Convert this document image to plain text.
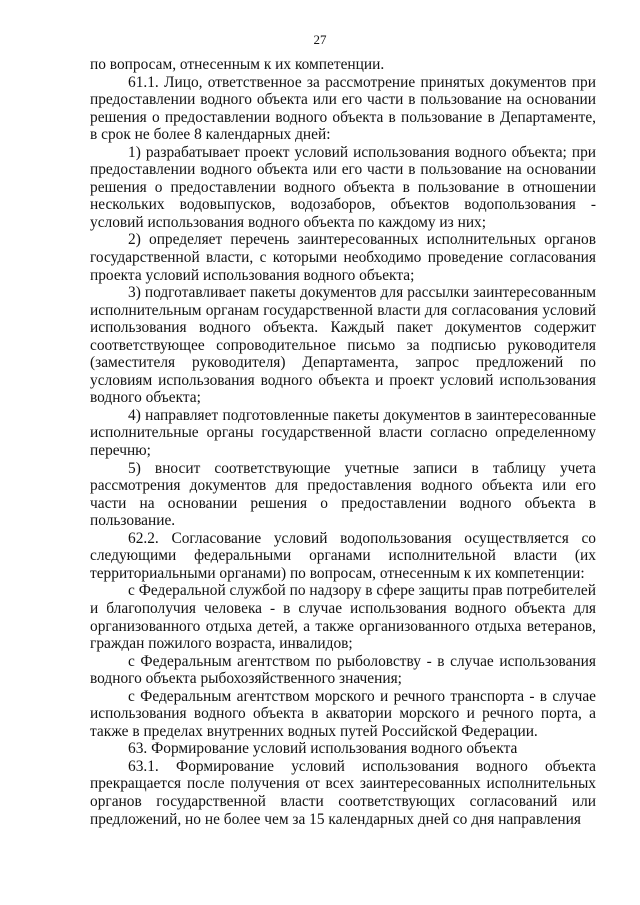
27

по вопросам, отнесенным к их компетенции.

61.1. Лицо, ответственное за рассмотрение принятых документов при предоставлении водного объекта или его части в пользование на основании решения о предоставлении водного объекта в пользование в Департаменте, в срок не более 8 календарных дней:

1) разрабатывает проект условий использования водного объекта; при предоставлении водного объекта или его части в пользование на основании решения о предоставлении водного объекта в пользование в отношении нескольких водовыпусков, водозаборов, объектов водопользования - условий использования водного объекта по каждому из них;

2) определяет перечень заинтересованных исполнительных органов государственной власти, с которыми необходимо проведение согласования проекта условий использования водного объекта;

3) подготавливает пакеты документов для рассылки заинтересованным исполнительным органам государственной власти для согласования условий использования водного объекта. Каждый пакет документов содержит соответствующее сопроводительное письмо за подписью руководителя (заместителя руководителя) Департамента, запрос предложений по условиям использования водного объекта и проект условий использования водного объекта;

4) направляет подготовленные пакеты документов в заинтересованные исполнительные органы государственной власти согласно определенному перечню;

5) вносит соответствующие учетные записи в таблицу учета рассмотрения документов для предоставления водного объекта или его части на основании решения о предоставлении водного объекта в пользование.

62.2. Согласование условий водопользования осуществляется со следующими федеральными органами исполнительной власти (их территориальными органами) по вопросам, отнесенным к их компетенции:

с Федеральной службой по надзору в сфере защиты прав потребителей и благополучия человека - в случае использования водного объекта для организованного отдыха детей, а также организованного отдыха ветеранов, граждан пожилого возраста, инвалидов;

с Федеральным агентством по рыболовству - в случае использования водного объекта рыбохозяйственного значения;

с Федеральным агентством морского и речного транспорта - в случае использования водного объекта в акватории морского и речного порта, а также в пределах внутренних водных путей Российской Федерации.

63. Формирование условий использования водного объекта

63.1. Формирование условий использования водного объекта прекращается после получения от всех заинтересованных исполнительных органов государственной власти соответствующих согласований или предложений, но не более чем за 15 календарных дней со дня направления
